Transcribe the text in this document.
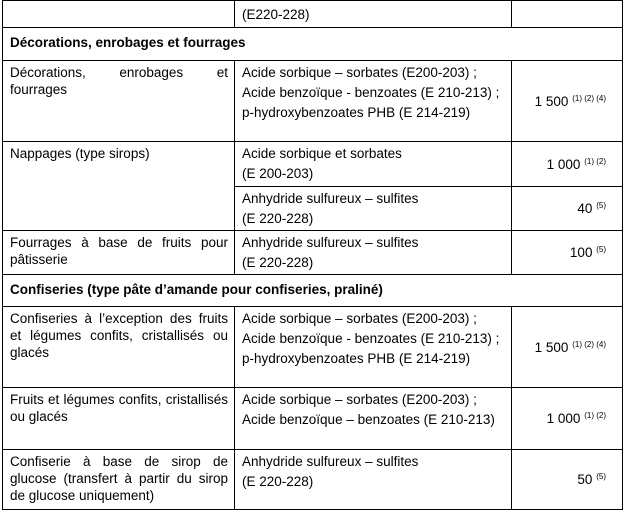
	(E220-228)	

Décorations, enrobages et fourrages		
Décorations, enrobages et fourrages	Acide sorbique – sorbates (E200-203) ;
Acide benzoïque - benzoates (E 210-213) ;
p-hydroxybenzoates PHB (E 214-219)	1 500 $^{(1) (2) (4)}$
Nappages (type sirops)	Acide sorbique et sorbates
(E 200-203)	1 000 $^{(1) (2)}$

	Anhydride sulfureux – sulfites
(E 220-228)	40 $^{(5)}$
Fourrages à base de fruits pour pâtisserie	Anhydride sulfureux – sulfites
(E 220-228)	100 $^{(5)}$
Confiseries (type pâte d’amande pour confiseries, praliné)		
Confiseries à l’exception des fruits et légumes confits, cristallisés ou glacés	Acide sorbique – sorbates (E200-203) ;
Acide benzoïque - benzoates (E 210-213) ;
p-hydroxybenzoates PHB (E 214-219)	1 500 $^{(1) (2) (4)}$
Fruits et légumes confits, cristallisés ou glacés	Acide sorbique – sorbates (E200-203) ;
Acide benzoïque – benzoates (E 210-213)	1 000 $^{(1) (2)}$
Confiserie à base de sirop de glucose (transfert à partir du sirop de glucose uniquement)	Anhydride sulfureux – sulfites
(E 220-228)	50 $^{(5)}$
